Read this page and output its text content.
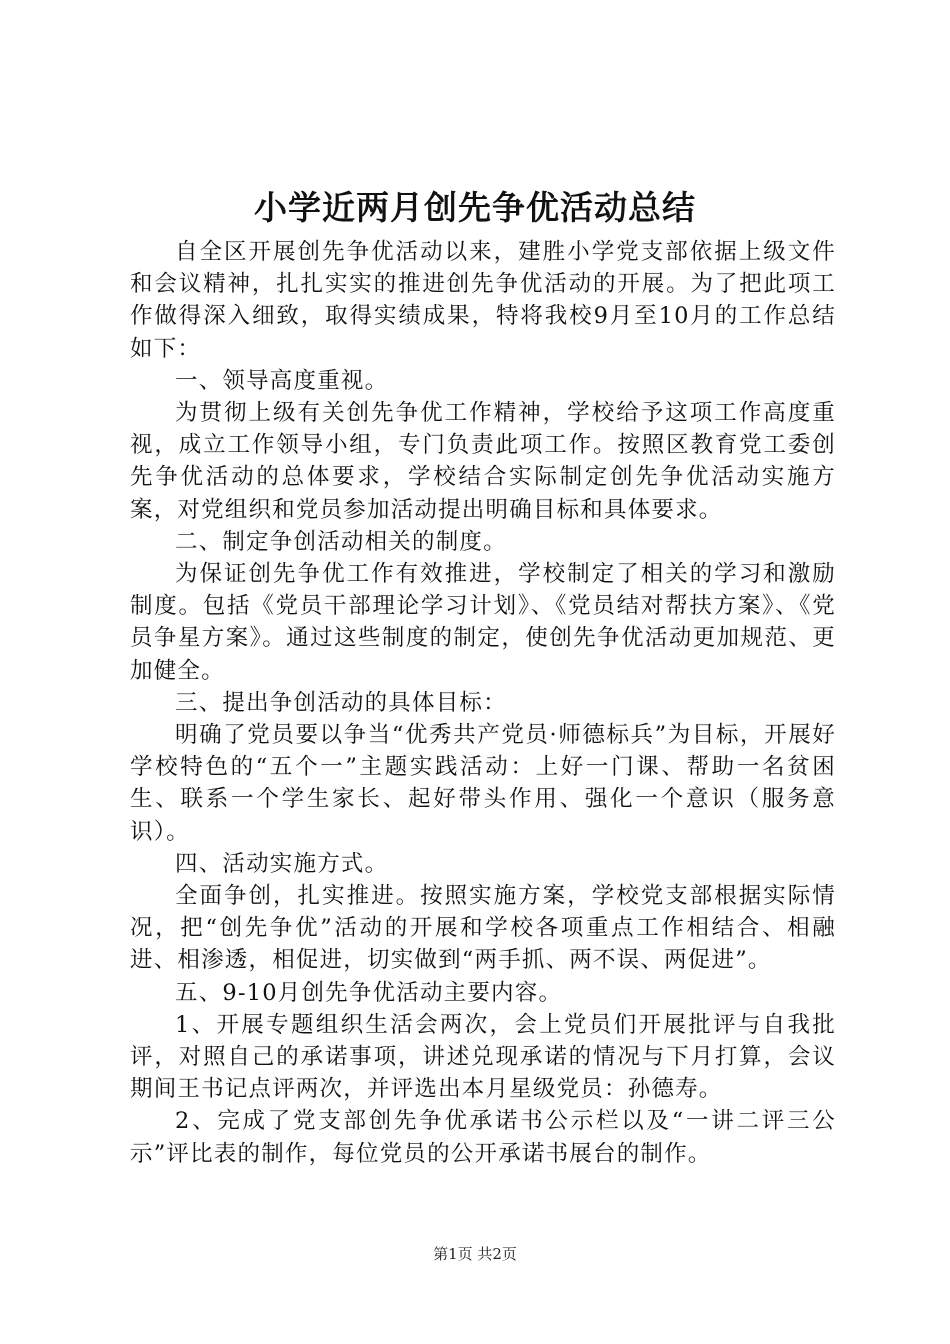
小学近两月创先争优活动总结

自全区开展创先争优活动以来，建胜小学党支部依据上级文件和会议精神，扎扎实实的推进创先争优活动的开展。为了把此项工作做得深入细致，取得实绩成果，特将我校9月至10月的工作总结如下：

一、领导高度重视。

为贯彻上级有关创先争优工作精神，学校给予这项工作高度重视，成立工作领导小组，专门负责此项工作。按照区教育党工委创先争优活动的总体要求，学校结合实际制定创先争优活动实施方案，对党组织和党员参加活动提出明确目标和具体要求。

二、制定争创活动相关的制度。

为保证创先争优工作有效推进，学校制定了相关的学习和激励制度。包括《党员干部理论学习计划》、《党员结对帮扶方案》、《党员争星方案》。通过这些制度的制定，使创先争优活动更加规范、更加健全。

三、提出争创活动的具体目标：

明确了党员要以争当“优秀共产党员·师德标兵”为目标，开展好学校特色的“五个一”主题实践活动：上好一门课、帮助一名贫困生、联系一个学生家长、起好带头作用、强化一个意识（服务意识）。

四、活动实施方式。

全面争创，扎实推进。按照实施方案，学校党支部根据实际情况，把“创先争优”活动的开展和学校各项重点工作相结合、相融进、相渗透，相促进，切实做到“两手抓、两不误、两促进”。

五、9-10月创先争优活动主要内容。

1、开展专题组织生活会两次，会上党员们开展批评与自我批评，对照自己的承诺事项，讲述兑现承诺的情况与下月打算，会议期间王书记点评两次，并评选出本月星级党员：孙德寿。

2、完成了党支部创先争优承诺书公示栏以及“一讲二评三公示”评比表的制作，每位党员的公开承诺书展台的制作。

第1页 共2页
